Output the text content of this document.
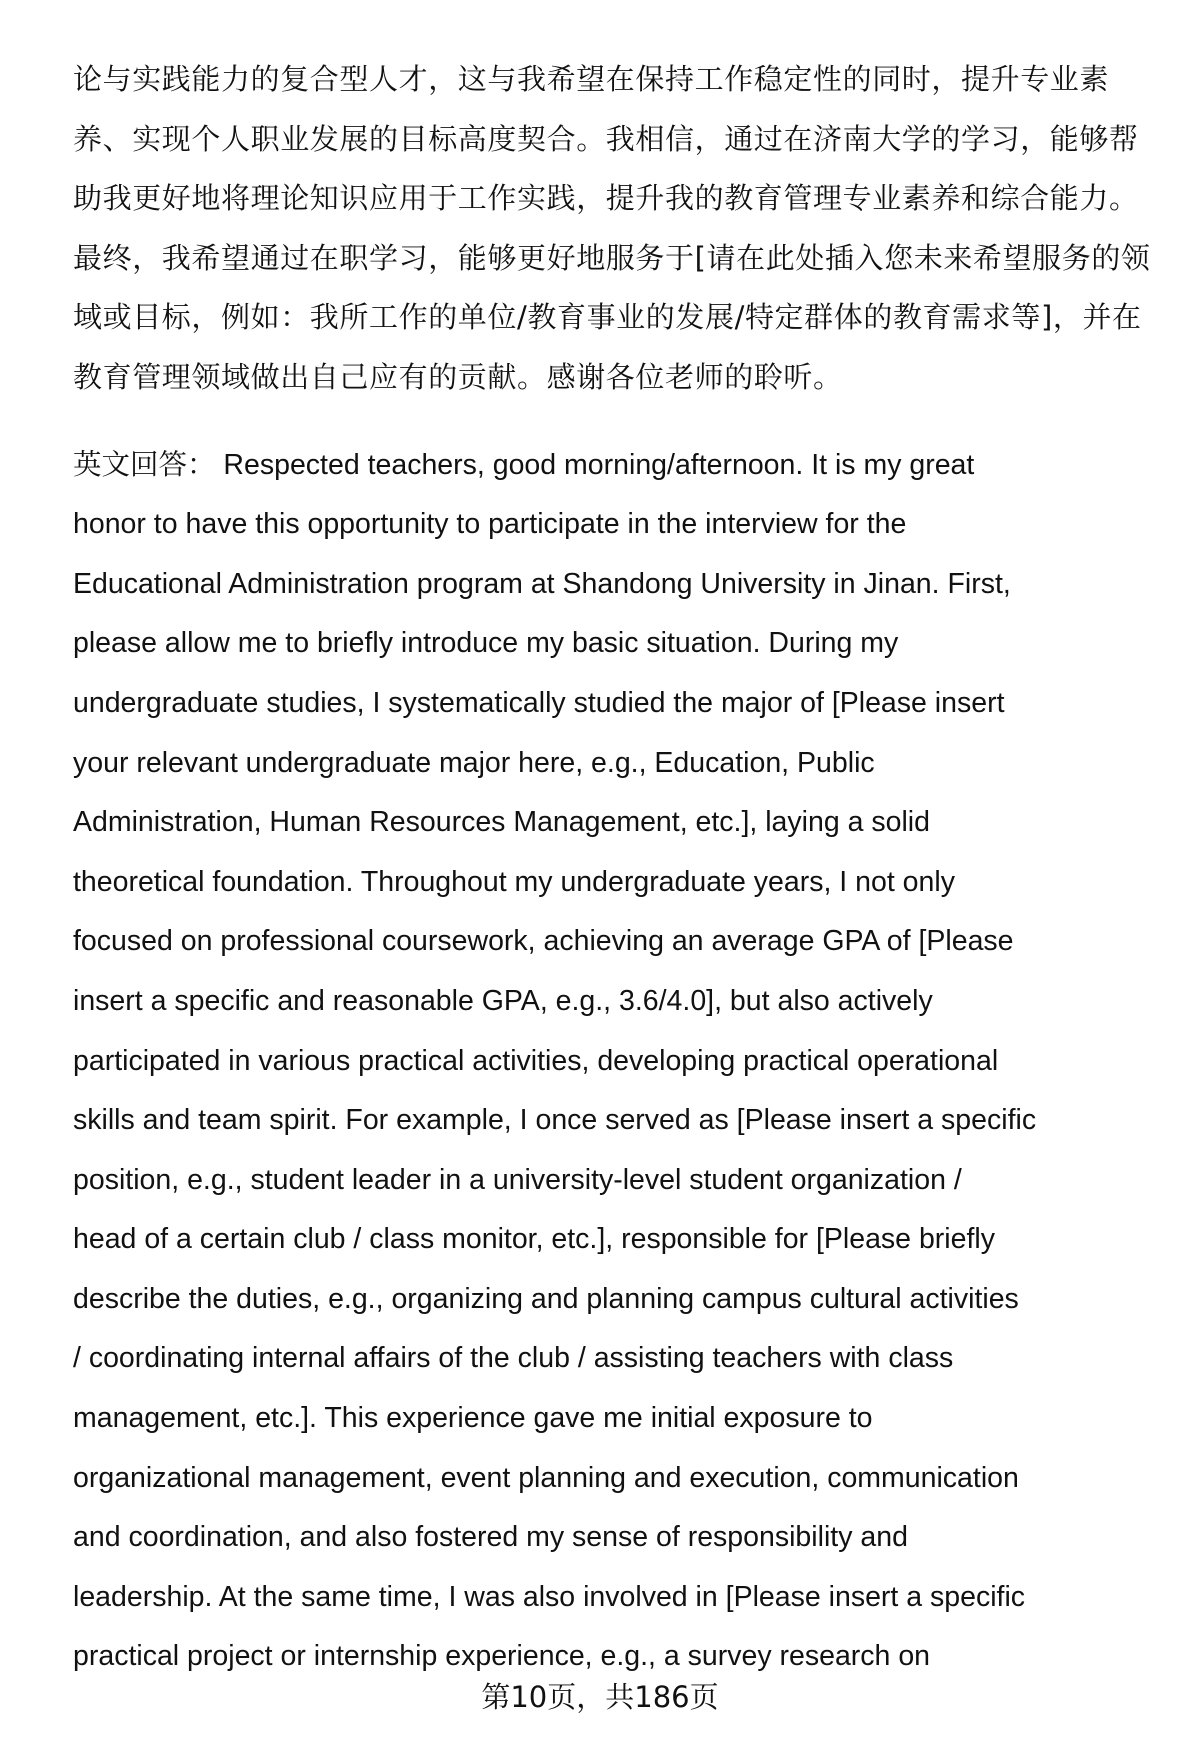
论与实践能力的复合型人才，这与我希望在保持工作稳定性的同时，提升专业素
养、实现个人职业发展的目标高度契合。我相信，通过在济南大学的学习，能够帮
助我更好地将理论知识应用于工作实践，提升我的教育管理专业素养和综合能力。
最终，我希望通过在职学习，能够更好地服务于[请在此处插入您未来希望服务的领
域或目标，例如：我所工作的单位/教育事业的发展/特定群体的教育需求等]，并在
教育管理领域做出自己应有的贡献。感谢各位老师的聆听。
英文回答： Respected teachers, good morning/afternoon. It is my great
honor to have this opportunity to participate in the interview for the
Educational Administration program at Shandong University in Jinan. First,
please allow me to briefly introduce my basic situation. During my
undergraduate studies, I systematically studied the major of [Please insert
your relevant undergraduate major here, e.g., Education, Public
Administration, Human Resources Management, etc.], laying a solid
theoretical foundation. Throughout my undergraduate years, I not only
focused on professional coursework, achieving an average GPA of [Please
insert a specific and reasonable GPA, e.g., 3.6/4.0], but also actively
participated in various practical activities, developing practical operational
skills and team spirit. For example, I once served as [Please insert a specific
position, e.g., student leader in a university-level student organization /
head of a certain club / class monitor, etc.], responsible for [Please briefly
describe the duties, e.g., organizing and planning campus cultural activities
/ coordinating internal affairs of the club / assisting teachers with class
management, etc.]. This experience gave me initial exposure to
organizational management, event planning and execution, communication
and coordination, and also fostered my sense of responsibility and
leadership. At the same time, I was also involved in [Please insert a specific
practical project or internship experience, e.g., a survey research on
第10页，共186页
